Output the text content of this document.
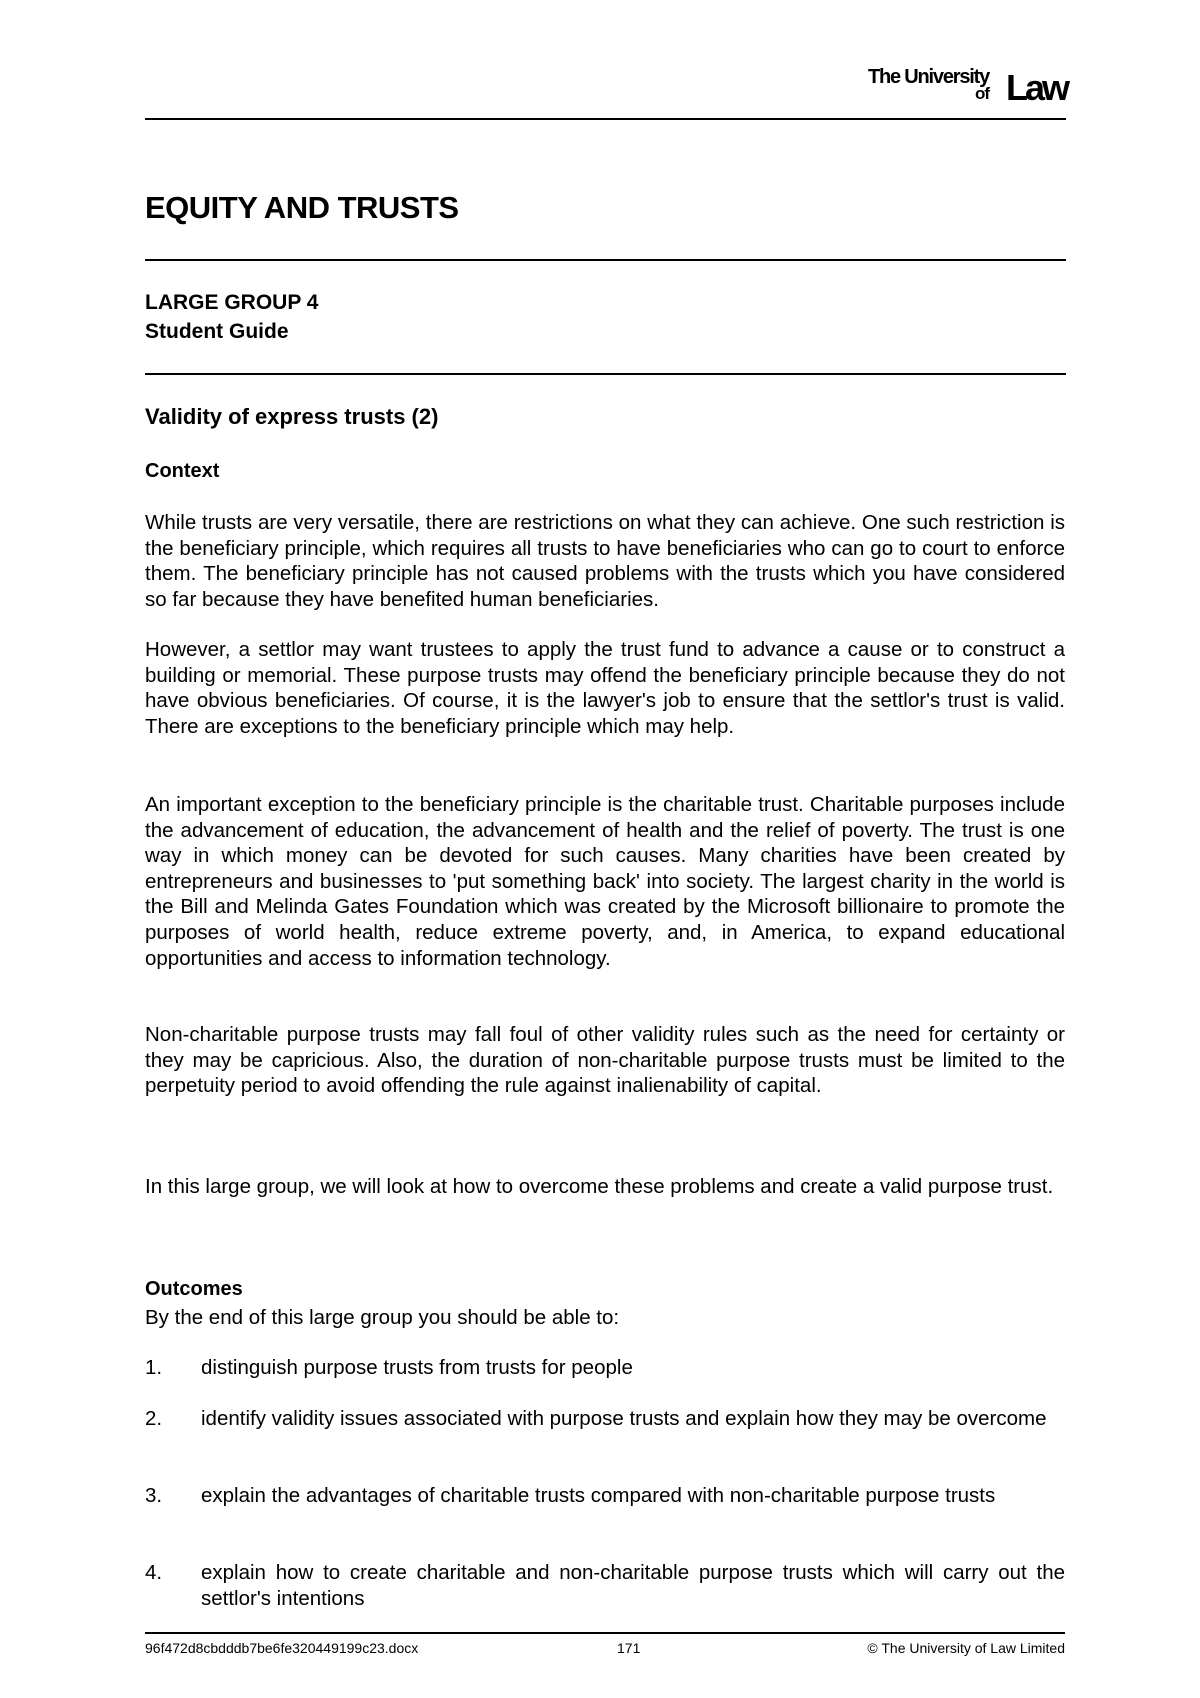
The University
of Law
EQUITY AND TRUSTS
LARGE GROUP 4
Student Guide
Validity of express trusts (2)
Context

While trusts are very versatile, there are restrictions on what they can achieve. One such restriction is the beneficiary principle, which requires all trusts to have beneficiaries who can go to court to enforce them. The beneficiary principle has not caused problems with the trusts which you have considered so far because they have benefited human beneficiaries.

However, a settlor may want trustees to apply the trust fund to advance a cause or to construct a building or memorial. These purpose trusts may offend the beneficiary principle because they do not have obvious beneficiaries. Of course, it is the lawyer's job to ensure that the settlor's trust is valid. There are exceptions to the beneficiary principle which may help.

An important exception to the beneficiary principle is the charitable trust. Charitable purposes include the advancement of education, the advancement of health and the relief of poverty. The trust is one way in which money can be devoted for such causes. Many charities have been created by entrepreneurs and businesses to 'put something back' into society. The largest charity in the world is the Bill and Melinda Gates Foundation which was created by the Microsoft billionaire to promote the purposes of world health, reduce extreme poverty, and, in America, to expand educational opportunities and access to information technology.

Non-charitable purpose trusts may fall foul of other validity rules such as the need for certainty or they may be capricious. Also, the duration of non-charitable purpose trusts must be limited to the perpetuity period to avoid offending the rule against inalienability of capital.

In this large group, we will look at how to overcome these problems and create a valid purpose trust.

Outcomes
By the end of this large group you should be able to:
1. distinguish purpose trusts from trusts for people
2. identify validity issues associated with purpose trusts and explain how they may be overcome
3. explain the advantages of charitable trusts compared with non-charitable purpose trusts
4. explain how to create charitable and non-charitable purpose trusts which will carry out the settlor's intentions
96f472d8cbdddb7be6fe320449199c23.docx	171	© The University of Law Limited
